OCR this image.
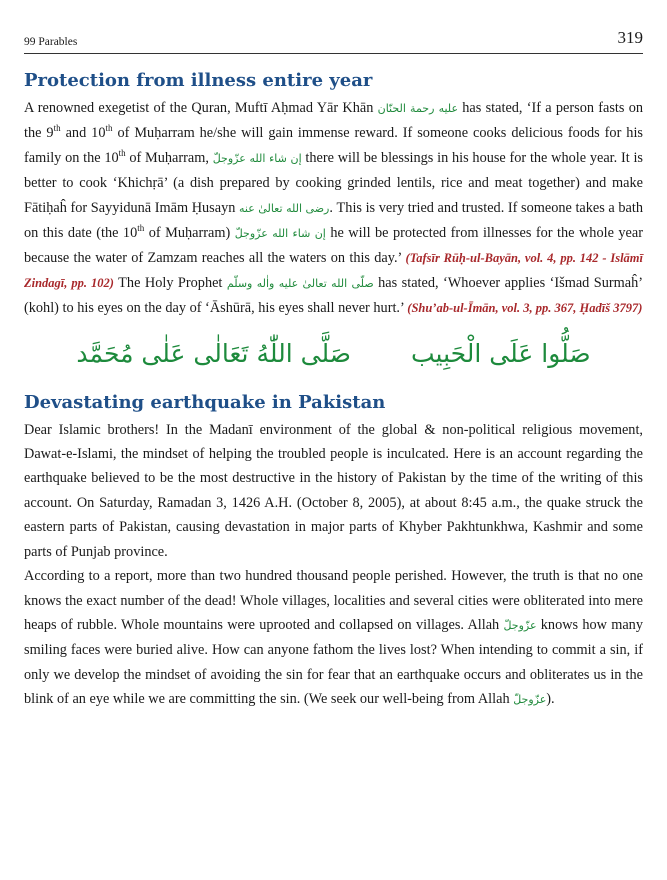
99 Parables	319
Protection from illness entire year

A renowned exegetist of the Quran, Muftī Aḥmad Yār Khān عليه رحمة الحنّان has stated, ‘If a person fasts on the 9th and 10th of Muḥarram he/she will gain immense reward. If someone cooks delicious foods for his family on the 10th of Muḥarram, إن شاء الله عزّوجلّ there will be blessings in his house for the whole year. It is better to cook ‘Khichṛā’ (a dish prepared by cooking grinded lentils, rice and meat together) and make Fātiḥaĥ for Sayyidunā Imām Ḥusayn رضی الله تعالیٰ عنه. This is very tried and trusted. If someone takes a bath on this date (the 10th of Muḥarram) إن شاء الله عزّوجلّ he will be protected from illnesses for the whole year because the water of Zamzam reaches all the waters on this day.’ (Tafsīr Rūḥ-ul-Bayān, vol. 4, pp. 142 - Islāmī Zindagī, pp. 102) The Holy Prophet صلّى الله تعالیٰ علیه واٰله وسلّم has stated, ‘Whoever applies ‘Išmad Surmaĥ’ (kohl) to his eyes on the day of ‘Āshūrā, his eyes shall never hurt.’ (Shu’ab-ul-Īmān, vol. 3, pp. 367, Ḥadīš 3797)

صَلُّوا عَلَى الْحَبِيب
صَلَّى اللّٰهُ تَعَالٰى عَلٰى مُحَمَّد
Devastating earthquake in Pakistan

Dear Islamic brothers! In the Madanī environment of the global & non-political religious movement, Dawat-e-Islami, the mindset of helping the troubled people is inculcated. Here is an account regarding the earthquake believed to be the most destructive in the history of Pakistan by the time of the writing of this account. On Saturday, Ramadan 3, 1426 A.H. (October 8, 2005), at about 8:45 a.m., the quake struck the eastern parts of Pakistan, causing devastation in major parts of Khyber Pakhtunkhwa, Kashmir and some parts of Punjab province.

According to a report, more than two hundred thousand people perished. However, the truth is that no one knows the exact number of the dead! Whole villages, localities and several cities were obliterated into mere heaps of rubble. Whole mountains were uprooted and collapsed on villages. Allah عزّوجلّ knows how many smiling faces were buried alive. How can anyone fathom the lives lost? When intending to commit a sin, if only we develop the mindset of avoiding the sin for fear that an earthquake occurs and obliterates us in the blink of an eye while we are committing the sin. (We seek our well-being from Allah عزّوجلّ).
